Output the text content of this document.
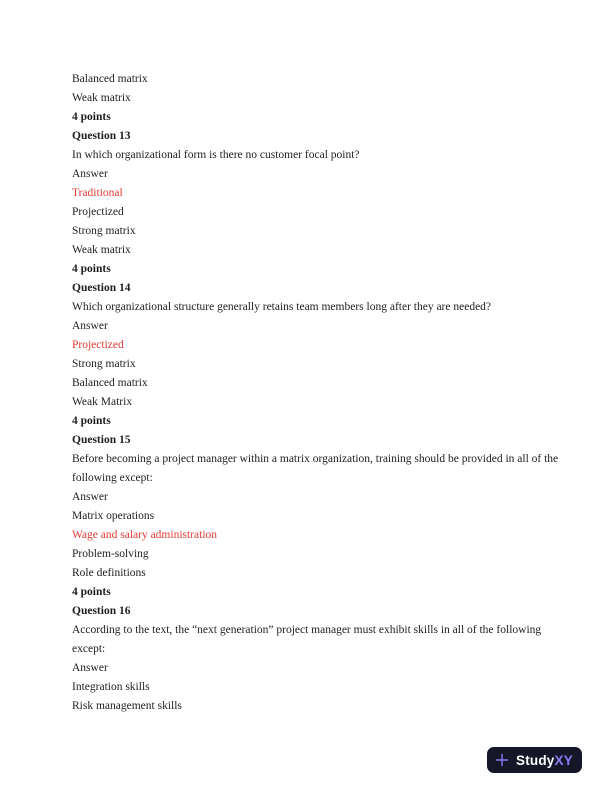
Balanced matrix
Weak matrix
4 points
Question 13
In which organizational form is there no customer focal point?
Answer
Traditional
Projectized
Strong matrix
Weak matrix
4 points
Question 14
Which organizational structure generally retains team members long after they are needed?
Answer
Projectized
Strong matrix
Balanced matrix
Weak Matrix
4 points
Question 15
Before becoming a project manager within a matrix organization, training should be provided in all of the
following except:
Answer
Matrix operations
Wage and salary administration
Problem-solving
Role definitions
4 points
Question 16
According to the text, the “next generation” project manager must exhibit skills in all of the following
except:
Answer
Integration skills
Risk management skills
StudyXY
